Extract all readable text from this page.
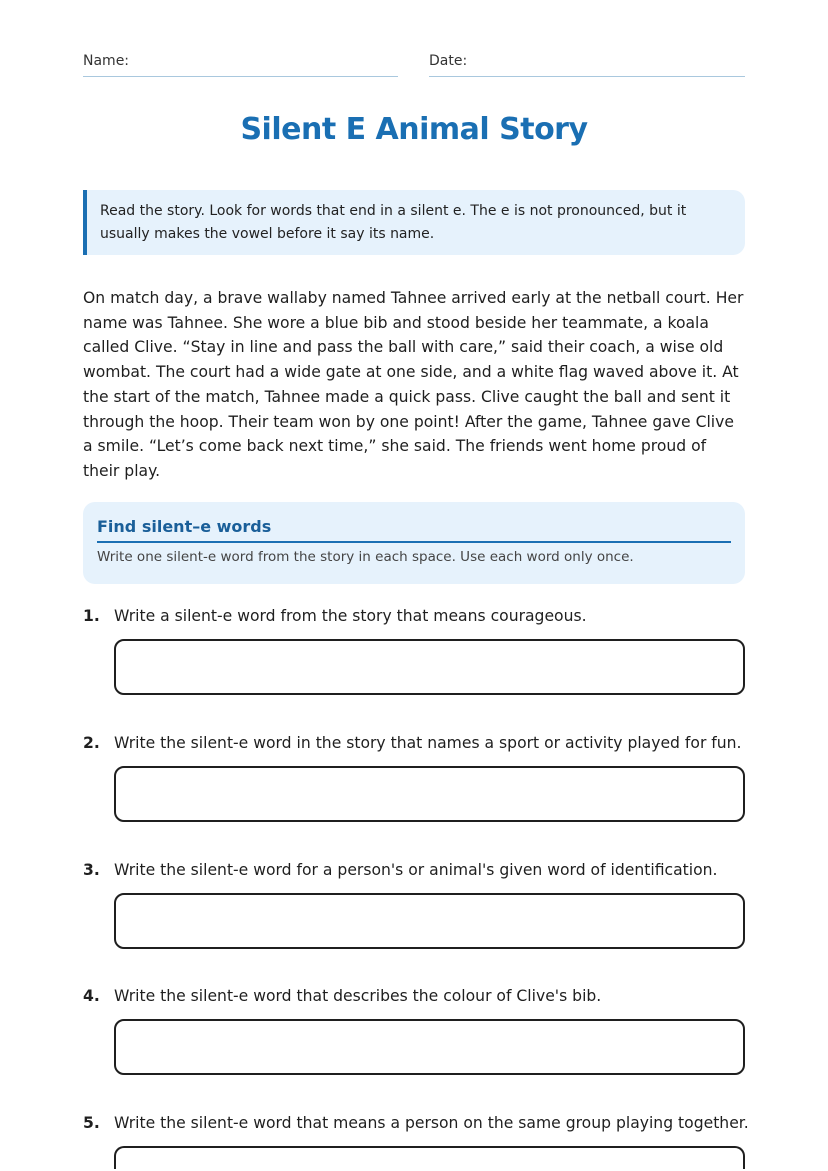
Name:	Date:
Silent E Animal Story
Read the story. Look for words that end in a silent e. The e is not pronounced, but it usually makes the vowel before it say its name.

On match day, a brave wallaby named Tahnee arrived early at the netball court. Her name was Tahnee. She wore a blue bib and stood beside her teammate, a koala called Clive. “Stay in line and pass the ball with care,” said their coach, a wise old wombat. The court had a wide gate at one side, and a white flag waved above it. At the start of the match, Tahnee made a quick pass. Clive caught the ball and sent it through the hoop. Their team won by one point! After the game, Tahnee gave Clive a smile. “Let’s come back next time,” she said. The friends went home proud of their play.

Find silent–e words
Write one silent-e word from the story in each space. Use each word only once.
1. Write a silent-e word from the story that means courageous.
2. Write the silent-e word in the story that names a sport or activity played for fun.
3. Write the silent-e word for a person's or animal's given word of identification.
4. Write the silent-e word that describes the colour of Clive's bib.
5. Write the silent-e word that means a person on the same group playing together.
